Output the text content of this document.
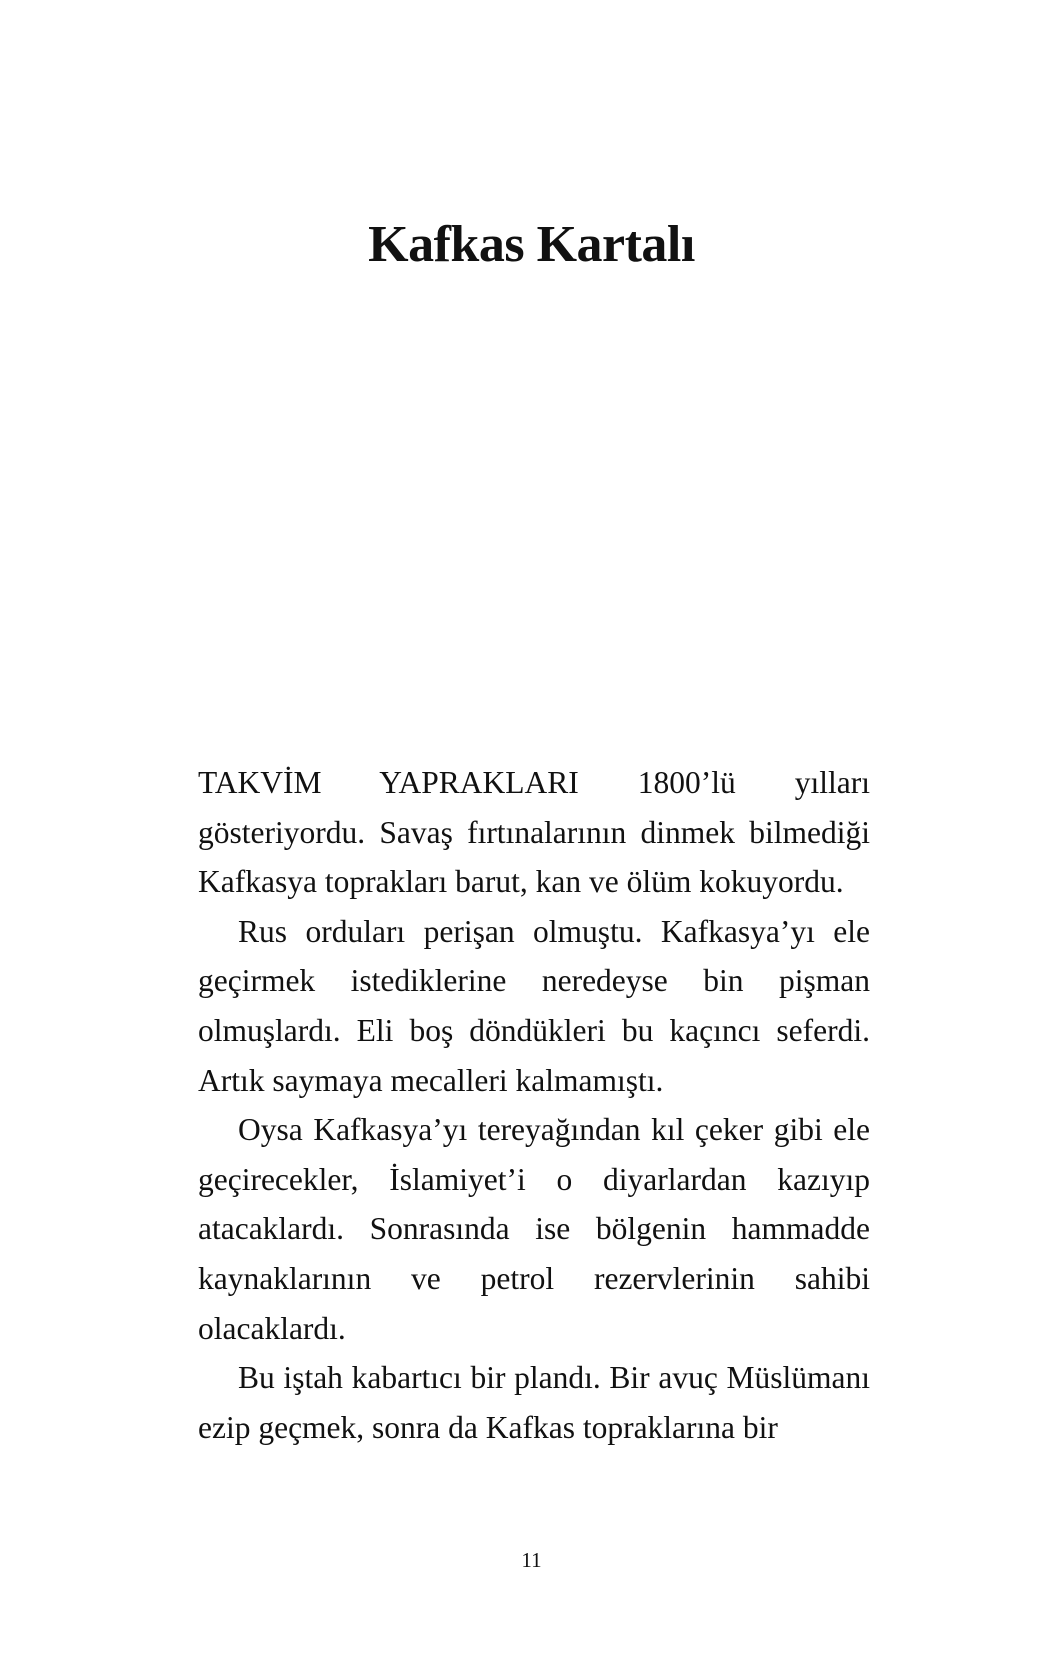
Kafkas Kartalı

TAKVİM YAPRAKLARI 1800’lü yılları gösteriyordu. Savaş fırtınalarının dinmek bilmediği Kafkasya toprakları barut, kan ve ölüm kokuyordu.

Rus orduları perişan olmuştu. Kafkasya’yı ele geçirmek istediklerine neredeyse bin pişman olmuşlardı. Eli boş döndükleri bu kaçıncı seferdi. Artık saymaya mecalleri kalmamıştı.

Oysa Kafkasya’yı tereyağından kıl çeker gibi ele geçirecekler, İslamiyet’i o diyarlardan kazıyıp atacaklardı. Sonrasında ise bölgenin hammadde kaynaklarının ve petrol rezervlerinin sahibi olacaklardı.

Bu iştah kabartıcı bir plandı. Bir avuç Müslümanı ezip geçmek, sonra da Kafkas topraklarına bir

11
